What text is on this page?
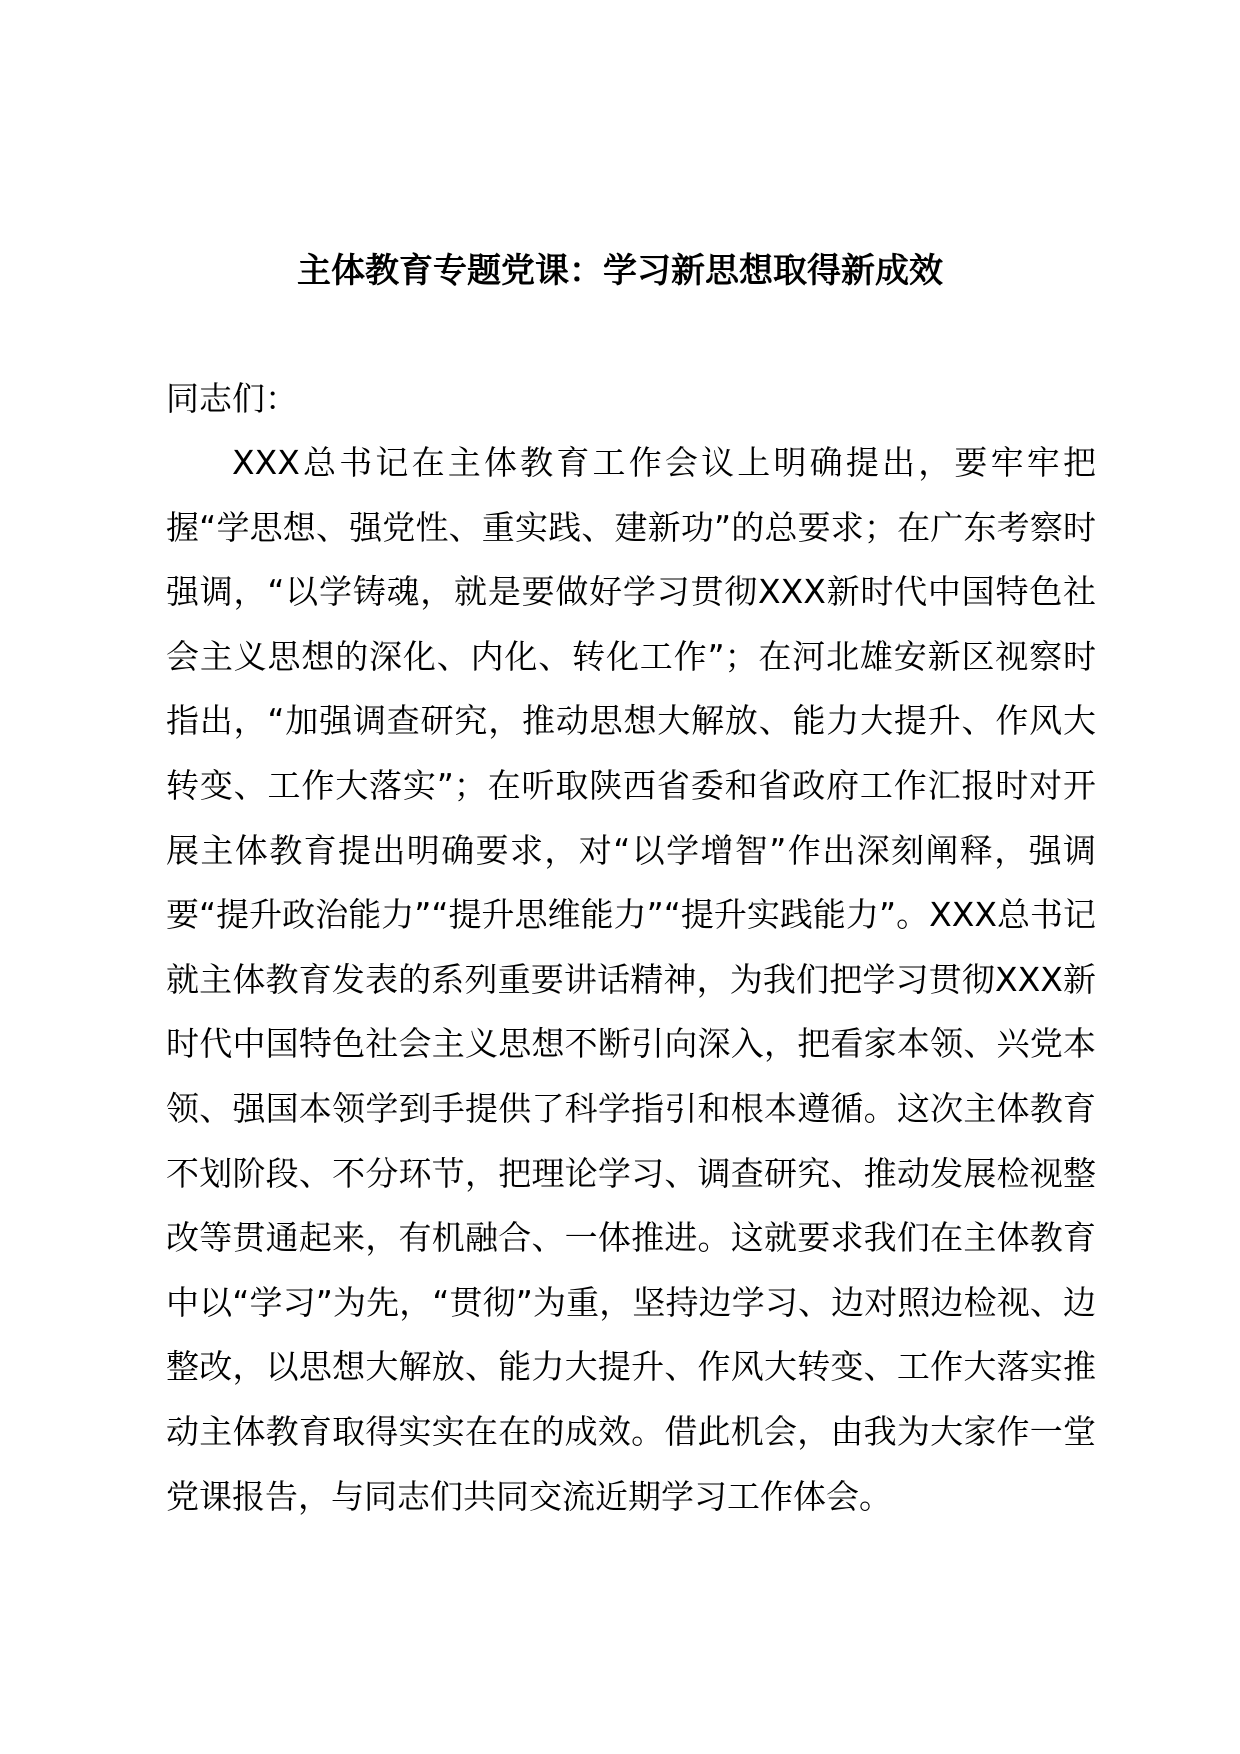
主体教育专题党课：学习新思想取得新成效

同志们：

XXX总书记在主体教育工作会议上明确提出，要牢牢把握“学思想、强党性、重实践、建新功”的总要求；在广东考察时强调，“以学铸魂，就是要做好学习贯彻XXX新时代中国特色社会主义思想的深化、内化、转化工作”；在河北雄安新区视察时指出，“加强调查研究，推动思想大解放、能力大提升、作风大转变、工作大落实”；在听取陕西省委和省政府工作汇报时对开展主体教育提出明确要求，对“以学增智”作出深刻阐释，强调要“提升政治能力”“提升思维能力”“提升实践能力”。XXX总书记就主体教育发表的系列重要讲话精神，为我们把学习贯彻XXX新时代中国特色社会主义思想不断引向深入，把看家本领、兴党本领、强国本领学到手提供了科学指引和根本遵循。这次主体教育不划阶段、不分环节，把理论学习、调查研究、推动发展检视整改等贯通起来，有机融合、一体推进。这就要求我们在主体教育中以“学习”为先，“贯彻”为重，坚持边学习、边对照边检视、边整改，以思想大解放、能力大提升、作风大转变、工作大落实推动主体教育取得实实在在的成效。借此机会，由我为大家作一堂党课报告，与同志们共同交流近期学习工作体会。
